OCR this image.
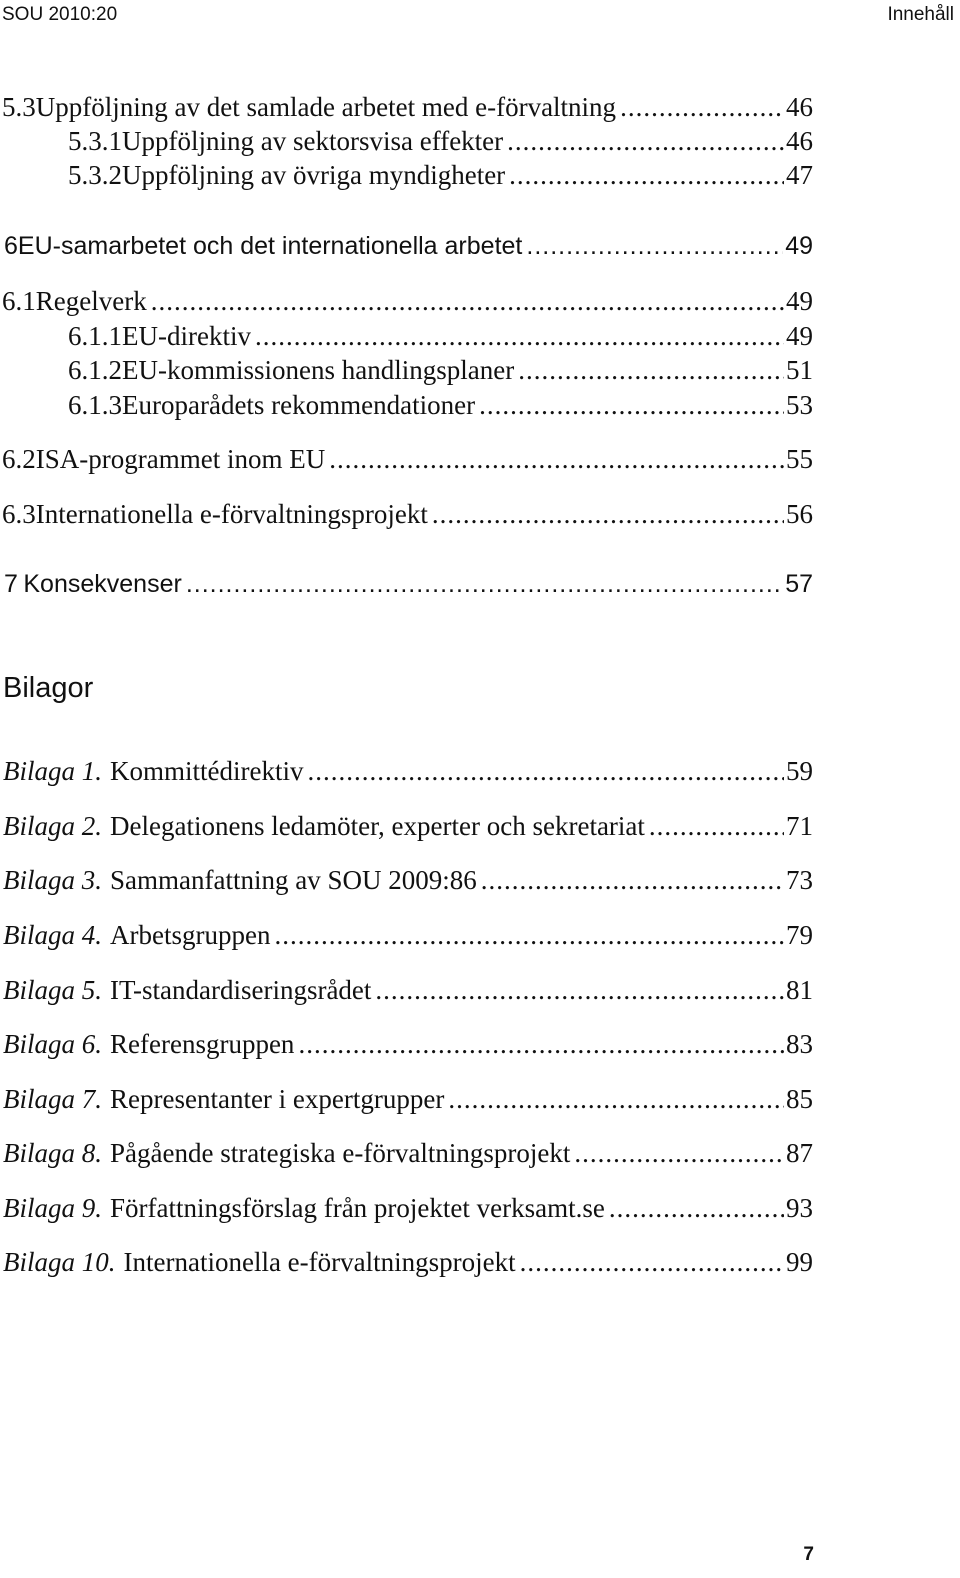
SOU 2010:20	Innehåll
5.3 Uppföljning av det samlade arbetet med e-förvaltning .....	46
5.3.1 Uppföljning av sektorsvisa effekter .....	46
5.3.2 Uppföljning av övriga myndigheter .....	47
6 EU-samarbetet och det internationella arbetet .....	49
6.1 Regelverk .....	49
6.1.1 EU-direktiv .....	49
6.1.2 EU-kommissionens handlingsplaner .....	51
6.1.3 Europarådets rekommendationer .....	53
6.2 ISA-programmet inom EU .....	55
6.3 Internationella e-förvaltningsprojekt .....	56
7 Konsekvenser .....	57
Bilagor
Bilaga 1. Kommittédirektiv .....	59
Bilaga 2. Delegationens ledamöter, experter och sekretariat .....	71
Bilaga 3. Sammanfattning av SOU 2009:86 .....	73
Bilaga 4. Arbetsgruppen .....	79
Bilaga 5. IT-standardiseringsrådet .....	81
Bilaga 6. Referensgruppen .....	83
Bilaga 7. Representanter i expertgrupper .....	85
Bilaga 8. Pågående strategiska e-förvaltningsprojekt .....	87
Bilaga 9. Författningsförslag från projektet verksamt.se .....	93
Bilaga 10. Internationella e-förvaltningsprojekt .....	99
7
